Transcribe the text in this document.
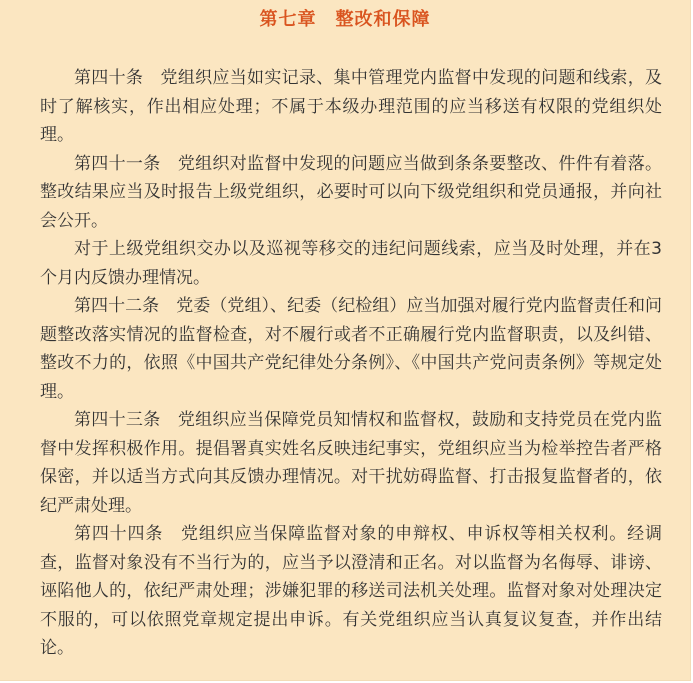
第七章　整改和保障

第四十条　党组织应当如实记录、集中管理党内监督中发现的问题和线索，及时了解核实，作出相应处理；不属于本级办理范围的应当移送有权限的党组织处理。

第四十一条　党组织对监督中发现的问题应当做到条条要整改、件件有着落。整改结果应当及时报告上级党组织，必要时可以向下级党组织和党员通报，并向社会公开。

对于上级党组织交办以及巡视等移交的违纪问题线索，应当及时处理，并在3个月内反馈办理情况。

第四十二条　党委（党组）、纪委（纪检组）应当加强对履行党内监督责任和问题整改落实情况的监督检查，对不履行或者不正确履行党内监督职责，以及纠错、整改不力的，依照《中国共产党纪律处分条例》、《中国共产党问责条例》等规定处理。

第四十三条　党组织应当保障党员知情权和监督权，鼓励和支持党员在党内监督中发挥积极作用。提倡署真实姓名反映违纪事实，党组织应当为检举控告者严格保密，并以适当方式向其反馈办理情况。对干扰妨碍监督、打击报复监督者的，依纪严肃处理。

第四十四条　党组织应当保障监督对象的申辩权、申诉权等相关权利。经调查，监督对象没有不当行为的，应当予以澄清和正名。对以监督为名侮辱、诽谤、诬陷他人的，依纪严肃处理；涉嫌犯罪的移送司法机关处理。监督对象对处理决定不服的，可以依照党章规定提出申诉。有关党组织应当认真复议复查，并作出结论。
